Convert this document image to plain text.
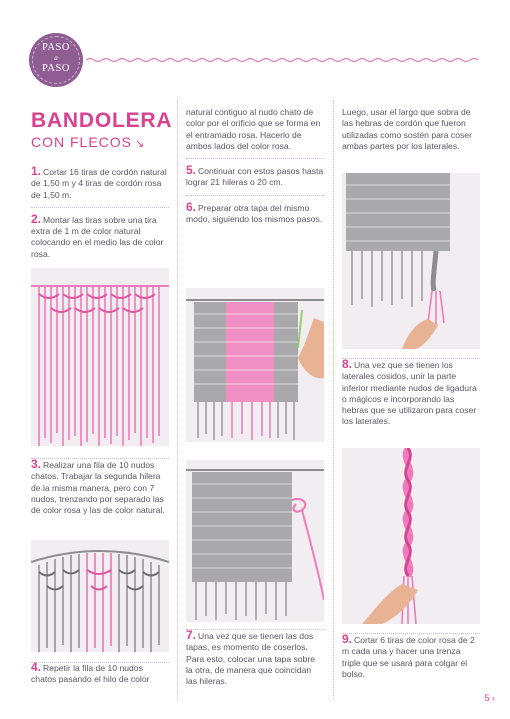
PASO
a
PASO
BANDOLERA
CON FLECOS ↘
1. Cortar 16 tiras de cordón natural de 1,50 m y 4 tiras de cordón rosa de 1,50 m.
2. Montar las tiras sobre una tira extra de 1 m de color natural colocando en el medio las de color rosa.
3. Realizar una fila de 10 nudos chatos. Trabajar la segunda hilera de la misma manera, pero con 7 nudos, trenzando por separado las de color rosa y las de color natural.
4. Repetir la fila de 10 nudos chatos pasando el hilo de color
natural contiguo al nudo chato de color por el orificio que se forma en el entramado rosa. Hacerlo de ambos lados del color rosa.
5. Continuar con estos pasos hasta lograr 21 hileras o 20 cm.
6. Preparar otra tapa del mismo modo, siguiendo los mismos pasos.
7. Una vez que se tienen las dos tapas, es momento de coserlos. Para esto, colocar una tapa sobre la otra, de manera que coincidan las hileras.
Luego, usar el largo que sobra de las hebras de cordón que fueron utilizadas como sostén para coser ambas partes por los laterales.
8. Una vez que se tienen los laterales cosidos, unir la parte inferior mediante nudos de ligadura o mágicos e incorporando las hebras que se utilizaron para coser los laterales.
9. Cortar 6 tiras de color rosa de 2 m cada una y hacer una trenza triple que se usará para colgar el bolso.
5 ›
